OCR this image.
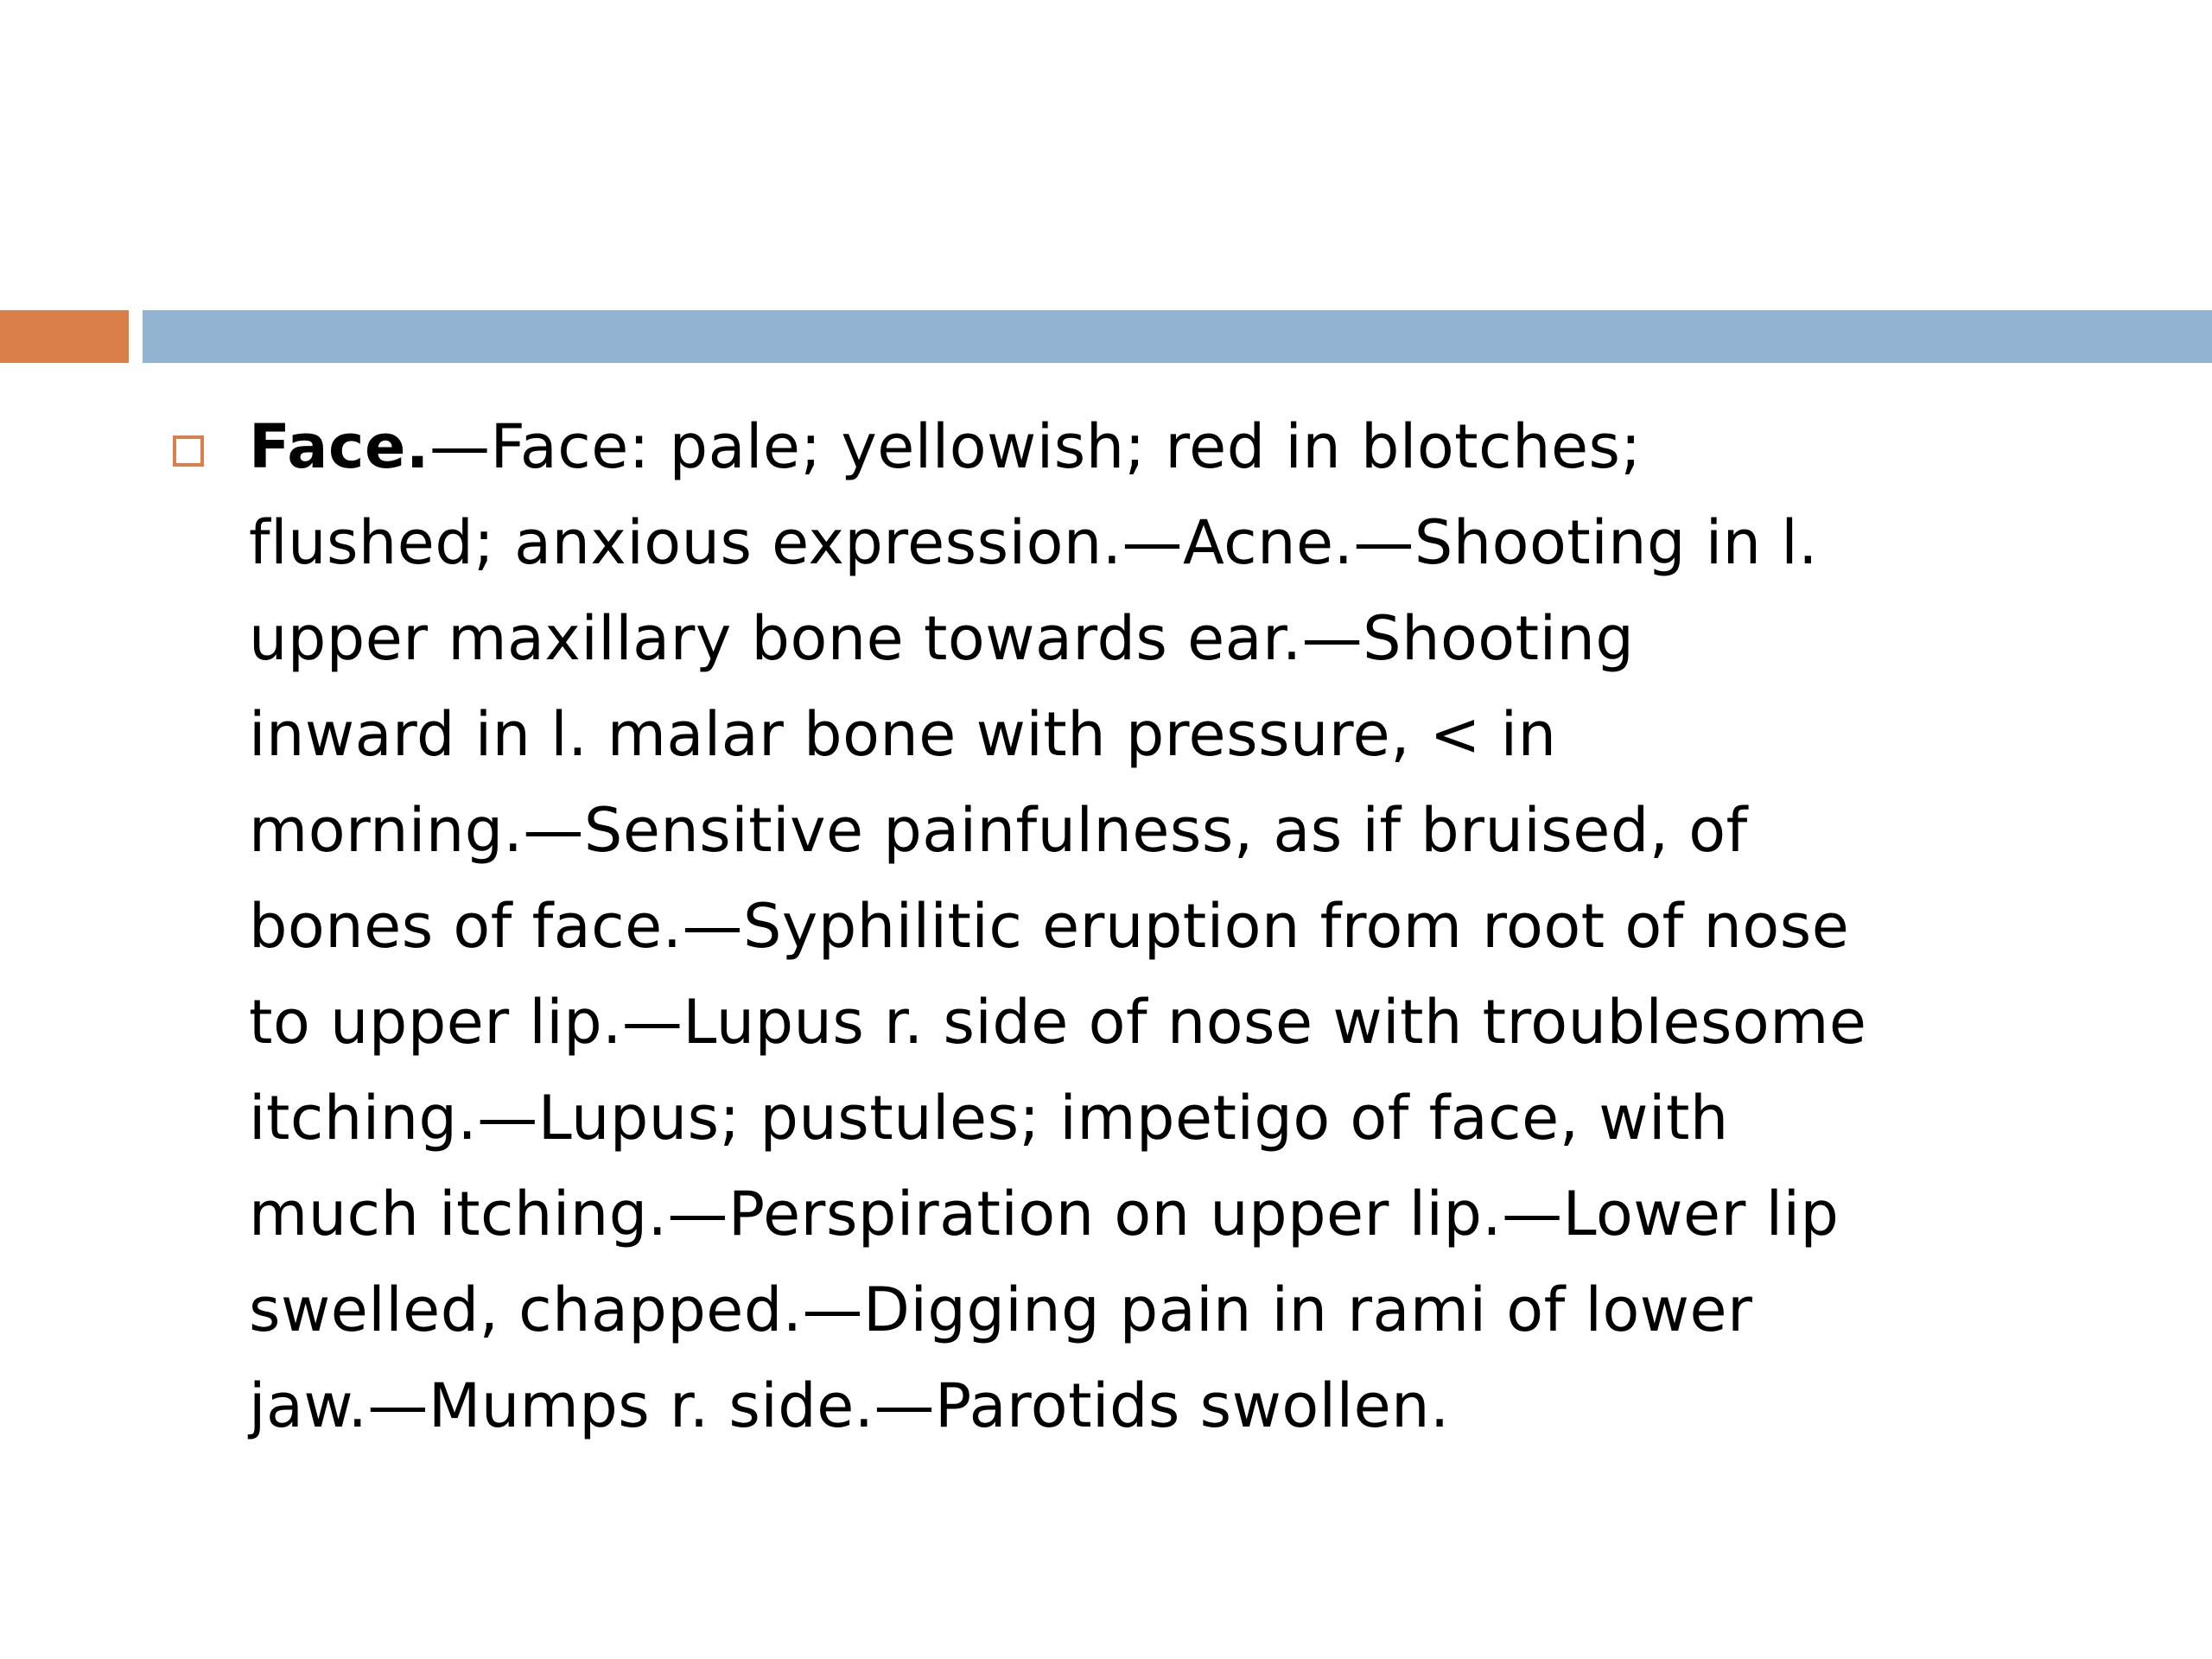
Face.—Face: pale; yellowish; red in blotches;
flushed; anxious expression.—Acne.—Shooting in l.
upper maxillary bone towards ear.—Shooting
inward in l. malar bone with pressure, < in
morning.—Sensitive painfulness, as if bruised, of
bones of face.—Syphilitic eruption from root of nose
to upper lip.—Lupus r. side of nose with troublesome
itching.—Lupus; pustules; impetigo of face, with
much itching.—Perspiration on upper lip.—Lower lip
swelled, chapped.—Digging pain in rami of lower
jaw.—Mumps r. side.—Parotids swollen.
